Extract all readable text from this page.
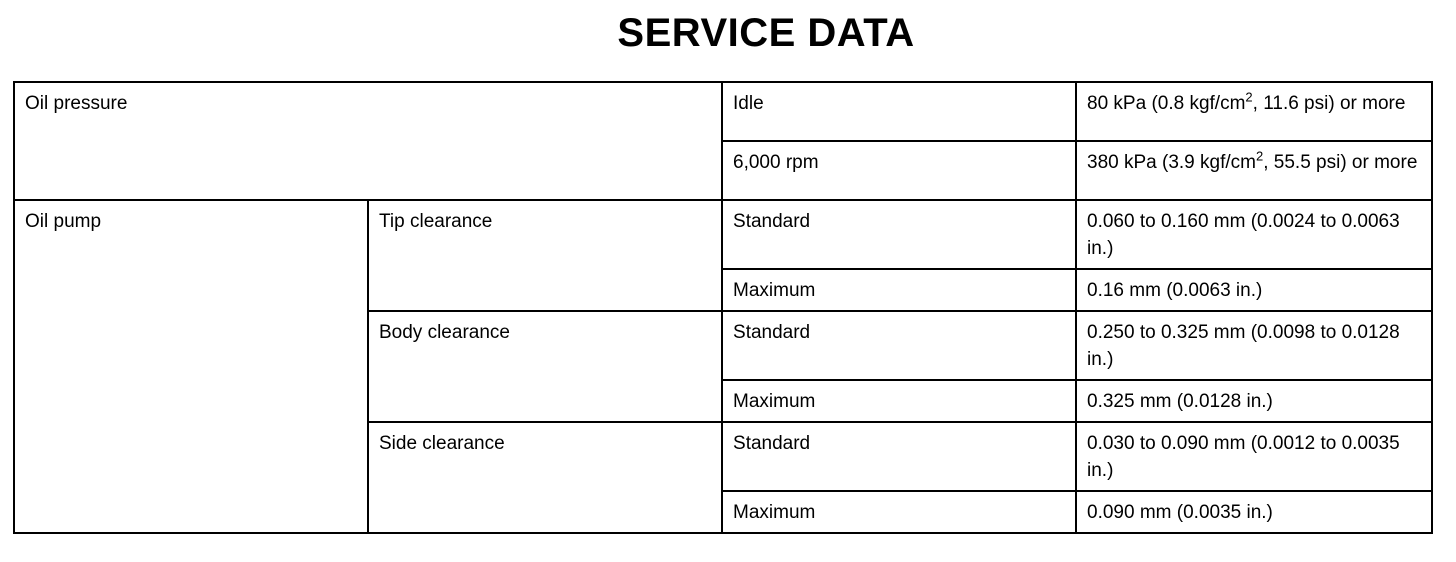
SERVICE DATA
Oil pressure		Idle	80 kPa (0.8 kgf/$cm^2$, 11.6 psi) or more
		6,000 rpm	380 kPa (3.9 kgf/$cm^2$, 55.5 psi) or more
Oil pump	Tip clearance	Standard	0.060 to 0.160 mm (0.0024 to 0.0063 in.)
		Maximum	0.16 mm (0.0063 in.)
	Body clearance	Standard	0.250 to 0.325 mm (0.0098 to 0.0128 in.)
		Maximum	0.325 mm (0.0128 in.)
	Side clearance	Standard	0.030 to 0.090 mm (0.0012 to 0.0035 in.)
		Maximum	0.090 mm (0.0035 in.)
